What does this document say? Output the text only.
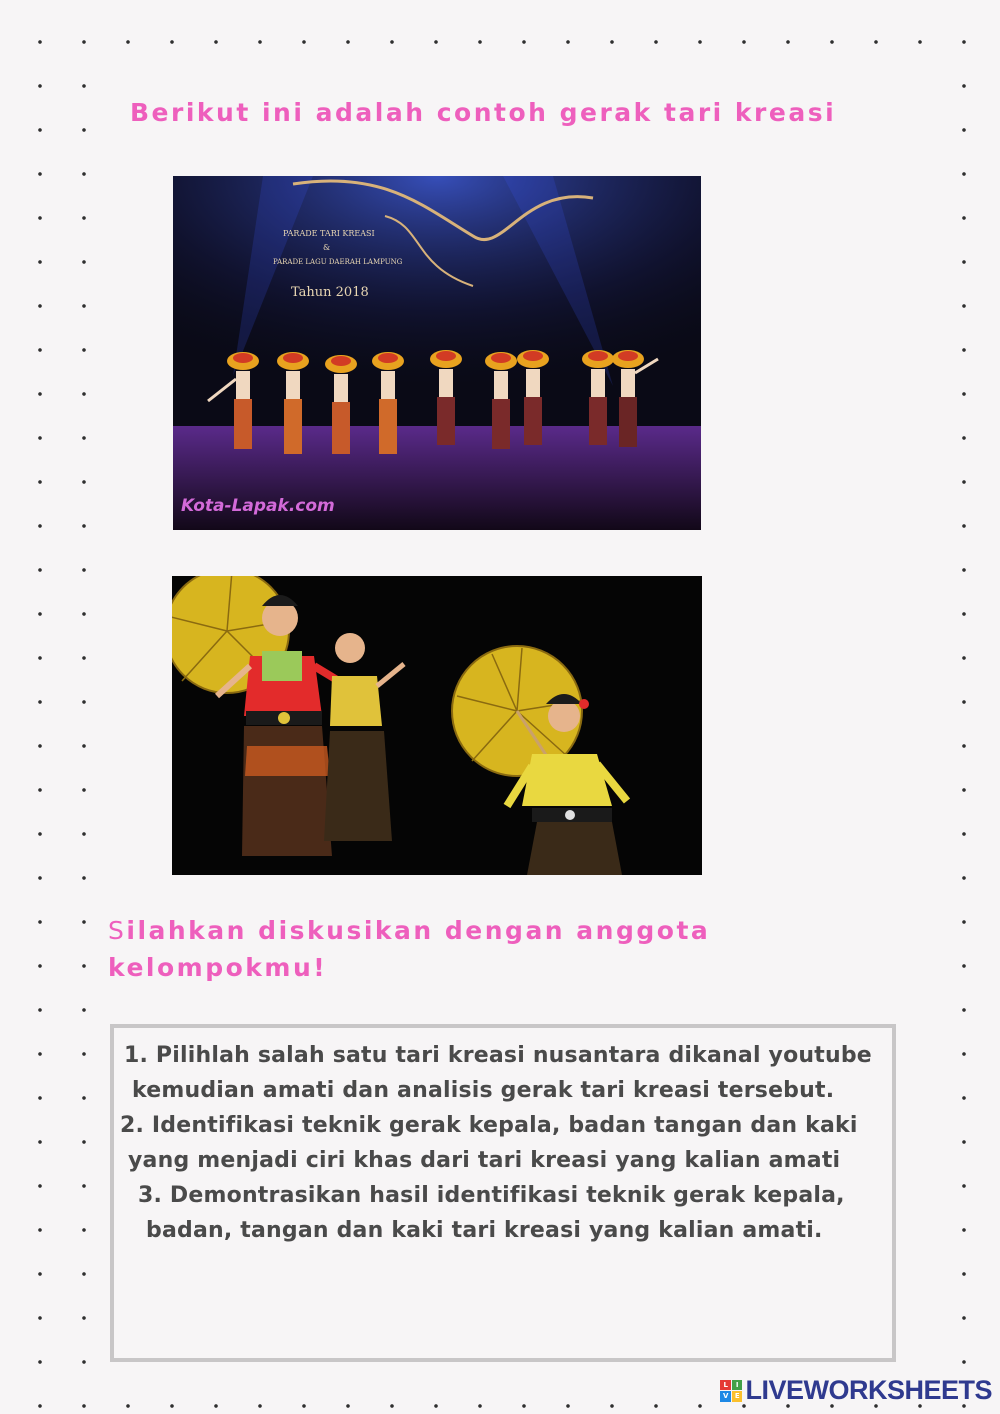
Berikut ini adalah contoh gerak tari kreasi
PARADE TARI KREASI
&
PARADE LAGU DAERAH LAMPUNG
Tahun 2018
Kota-Lapak.com
Silahkan diskusikan dengan anggota kelompokmu!
1. Pilihlah salah satu tari kreasi nusantara dikanal youtube
kemudian amati dan analisis gerak tari kreasi tersebut.
2. Identifikasi teknik gerak kepala, badan tangan dan kaki
yang menjadi ciri khas dari tari kreasi yang kalian amati
3. Demontrasikan hasil identifikasi teknik gerak kepala,
badan, tangan dan kaki tari kreasi yang kalian amati.
L	I
V E LIVEWORKSHEETS
